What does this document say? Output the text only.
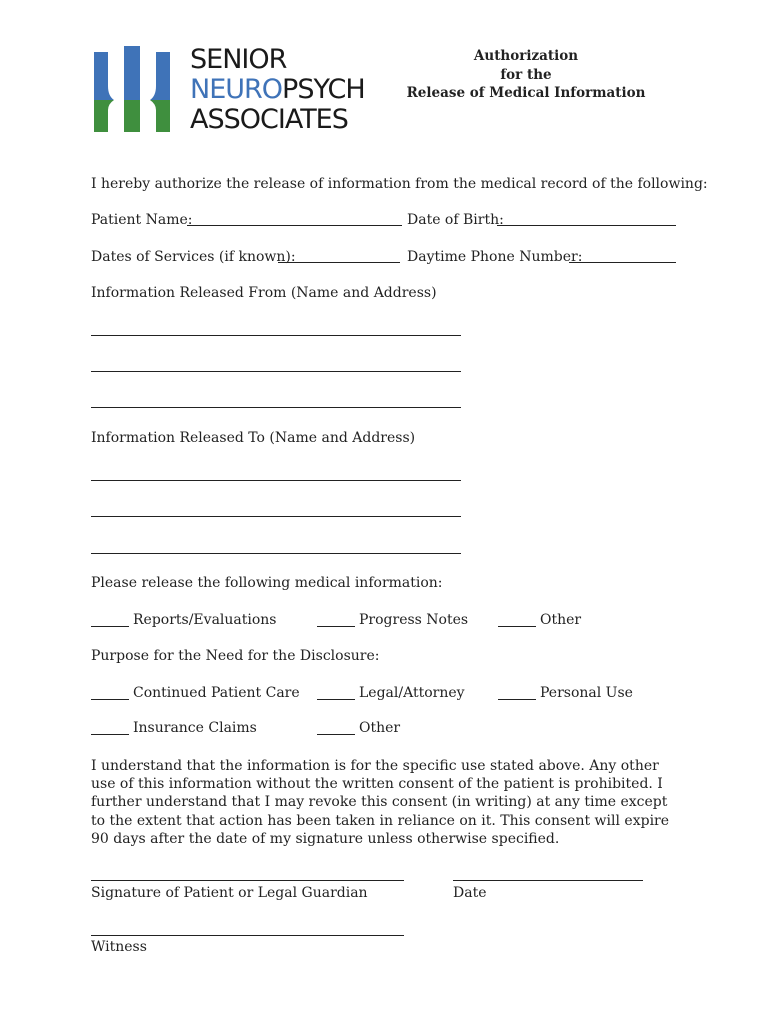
SENIOR
NEUROPSYCH
ASSOCIATES
Authorization
for the
Release of Medical Information
I hereby authorize the release of information from the medical record of the following:
Patient Name:	Date of Birth:
Dates of Services (if known):	Daytime Phone Number:
Information Released From (Name and Address)
Information Released To (Name and Address)
Please release the following medical information:
Reports/Evaluations	Progress Notes	Other
Purpose for the Need for the Disclosure:
Continued Patient Care	Legal/Attorney	Personal Use
Insurance Claims	Other
I understand that the information is for the specific use stated above. Any other use of this information without the written consent of the patient is prohibited. I further understand that I may revoke this consent (in writing) at any time except to the extent that action has been taken in reliance on it. This consent will expire 90 days after the date of my signature unless otherwise specified.
Signature of Patient or Legal Guardian	Date
Witness
